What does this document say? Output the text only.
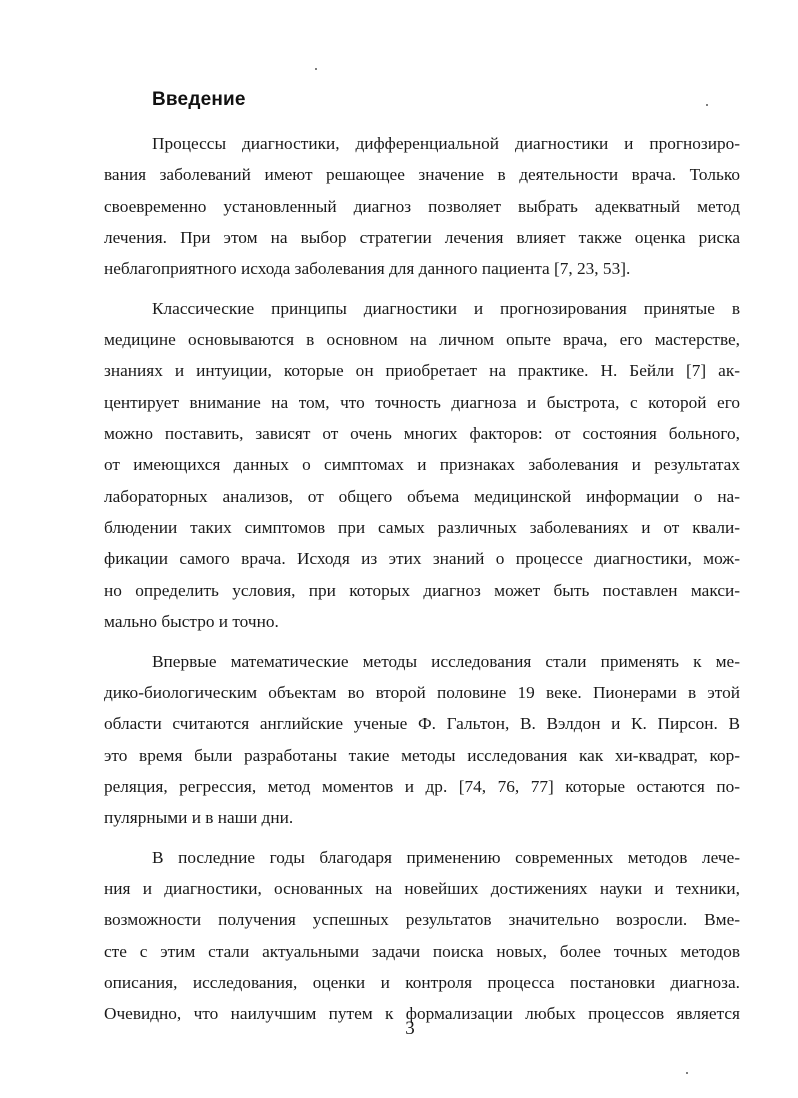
Введение

Процессы диагностики, дифференциальной диагностики и прогнозиро-
вания заболеваний имеют решающее значение в деятельности врача. Только
своевременно установленный диагноз позволяет выбрать адекватный метод
лечения. При этом на выбор стратегии лечения влияет также оценка риска
неблагоприятного исхода заболевания для данного пациента [7, 23, 53].

Классические принципы диагностики и прогнозирования принятые в
медицине основываются в основном на личном опыте врача, его мастерстве,
знаниях и интуиции, которые он приобретает на практике. Н. Бейли [7] ак-
центирует внимание на том, что точность диагноза и быстрота, с которой его
можно поставить, зависят от очень многих факторов: от состояния больного,
от имеющихся данных о симптомах и признаках заболевания и результатах
лабораторных анализов, от общего объема медицинской информации о на-
блюдении таких симптомов при самых различных заболеваниях и от квали-
фикации самого врача. Исходя из этих знаний о процессе диагностики, мож-
но определить условия, при которых диагноз может быть поставлен макси-
мально быстро и точно.

Впервые математические методы исследования стали применять к ме-
дико-биологическим объектам во второй половине 19 веке. Пионерами в этой
области считаются английские ученые Ф. Гальтон, В. Вэлдон и К. Пирсон. В
это время были разработаны такие методы исследования как хи-квадрат, кор-
реляция, регрессия, метод моментов и др. [74, 76, 77] которые остаются по-
пулярными и в наши дни.

В последние годы благодаря применению современных методов лече-
ния и диагностики, основанных на новейших достижениях науки и техники,
возможности получения успешных результатов значительно возросли. Вме-
сте с этим стали актуальными задачи поиска новых, более точных методов
описания, исследования, оценки и контроля процесса постановки диагноза.
Очевидно, что наилучшим путем к формализации любых процессов является

3
